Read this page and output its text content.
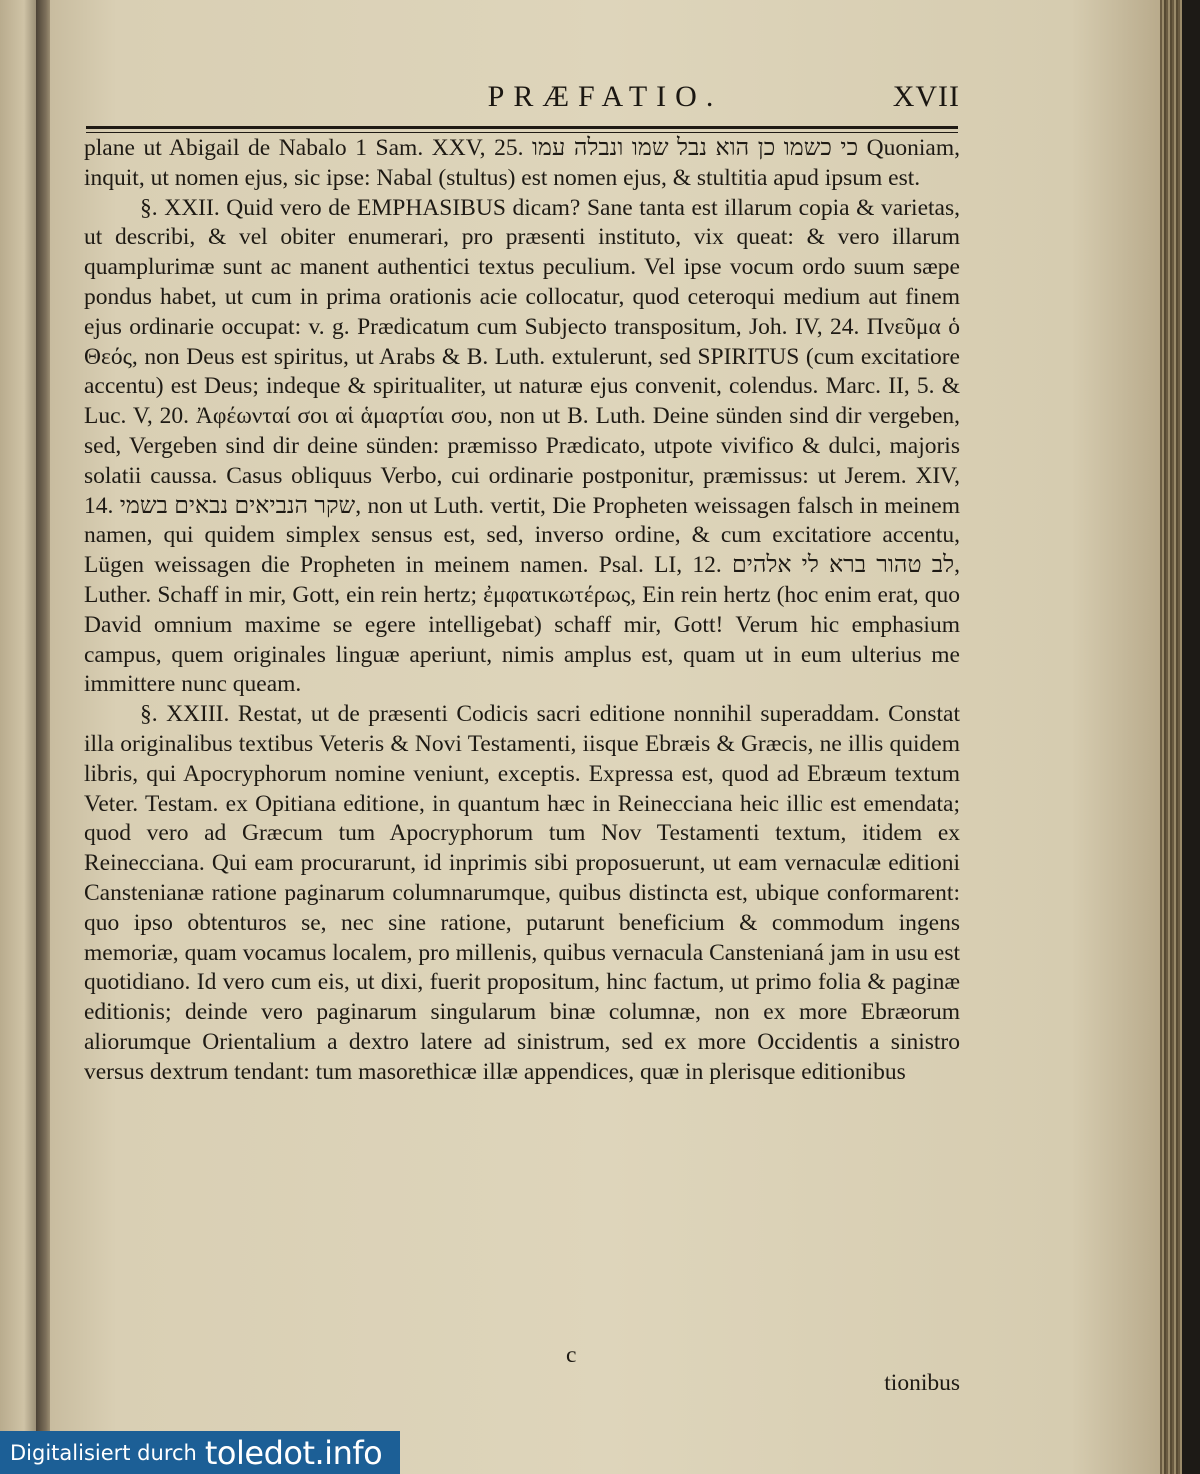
PRÆFATIO.	XVII

plane ut Abigail de Nabalo 1 Sam. XXV, 25. כי כשמו כן הוא נבל שמו ונבלה עמו Quoniam, inquit, ut nomen ejus, sic ipse: Nabal (stultus) est nomen ejus, & stultitia apud ipsum est.

§. XXII. Quid vero de EMPHASIBUS dicam? Sane tanta est illarum copia & varietas, ut describi, & vel obiter enumerari, pro præsenti instituto, vix queat: & vero illarum quamplurimæ sunt ac manent authentici textus peculium. Vel ipse vocum ordo suum sæpe pondus habet, ut cum in prima orationis acie collocatur, quod ceteroqui medium aut finem ejus ordinarie occupat: v. g. Prædicatum cum Subjecto transpositum, Joh. IV, 24. Πνεῦμα ὁ Θεός, non Deus est spiritus, ut Arabs & B. Luth. extulerunt, sed SPIRITUS (cum excitatiore accentu) est Deus; indeque & spiritualiter, ut naturæ ejus convenit, colendus. Marc. II, 5. & Luc. V, 20. Ἀφέωνταί σοι αἱ ἁμαρτίαι σου, non ut B. Luth. Deine sünden sind dir vergeben, sed, Vergeben sind dir deine sünden: præmisso Prædicato, utpote vivifico & dulci, majoris solatii caussa. Casus obliquus Verbo, cui ordinarie postponitur, præmissus: ut Jerem. XIV, 14. שקר הנביאים נבאים בשמי, non ut Luth. vertit, Die Propheten weissagen falsch in meinem namen, qui quidem simplex sensus est, sed, inverso ordine, & cum excitatiore accentu, Lügen weissagen die Propheten in meinem namen. Psal. LI, 12. לב טהור ברא לי אלהים, Luther. Schaff in mir, Gott, ein rein hertz; ἐμφατικωτέρως, Ein rein hertz (hoc enim erat, quo David omnium maxime se egere intelligebat) schaff mir, Gott! Verum hic emphasium campus, quem originales linguæ aperiunt, nimis amplus est, quam ut in eum ulterius me immittere nunc queam.

§. XXIII. Restat, ut de præsenti Codicis sacri editione nonnihil superaddam. Constat illa originalibus textibus Veteris & Novi Testamenti, iisque Ebræis & Græcis, ne illis quidem libris, qui Apocryphorum nomine veniunt, exceptis. Expressa est, quod ad Ebræum textum Veter. Testam. ex Opitiana editione, in quantum hæc in Reinecciana heic illic est emendata; quod vero ad Græcum tum Apocryphorum tum Nov Testamenti textum, itidem ex Reinecciana. Qui eam procurarunt, id inprimis sibi proposuerunt, ut eam vernaculæ editioni Canstenianæ ratione paginarum columnarumque, quibus distincta est, ubique conformarent: quo ipso obtenturos se, nec sine ratione, putarunt beneficium & commodum ingens memoriæ, quam vocamus localem, pro millenis, quibus vernacula Canstenianá jam in usu est quotidiano. Id vero cum eis, ut dixi, fuerit propositum, hinc factum, ut primo folia & paginæ editionis; deinde vero paginarum singularum binæ columnæ, non ex more Ebræorum aliorumque Orientalium a dextro latere ad sinistrum, sed ex more Occidentis a sinistro versus dextrum tendant: tum masorethicæ illæ appendices, quæ in plerisque editionibus

c
tionibus
Digitalisiert durch toledot.info
